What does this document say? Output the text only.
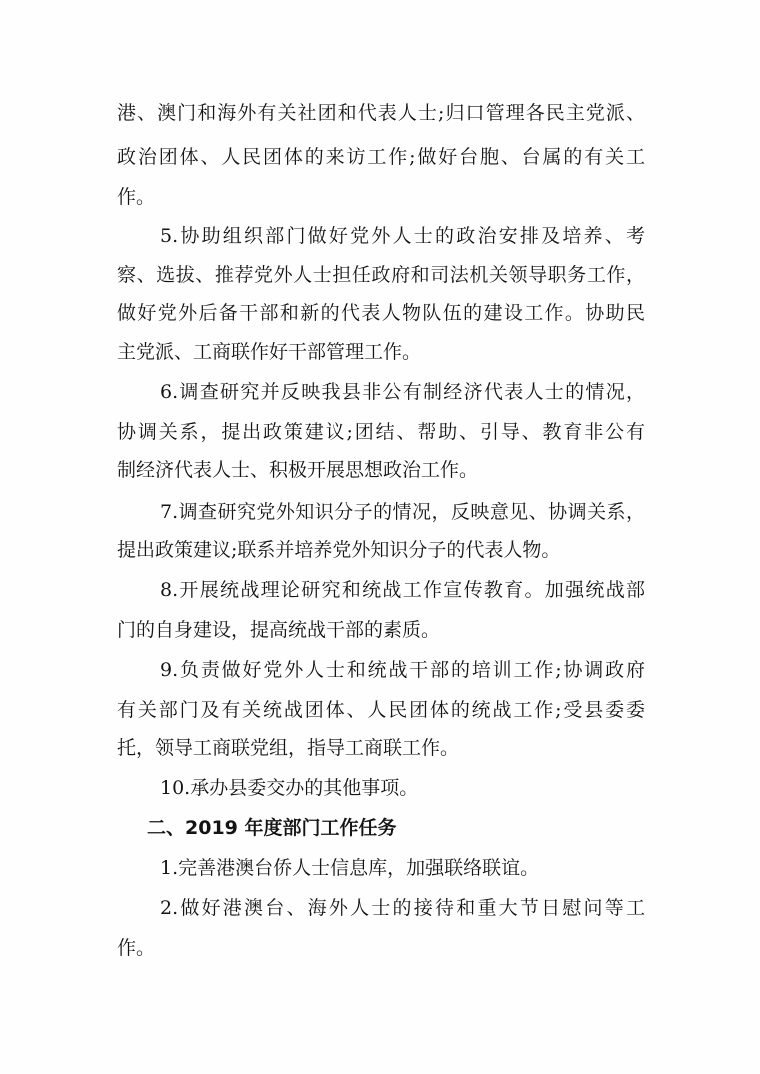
港、澳门和海外有关社团和代表人士;归口管理各民主党派、
政治团体、人民团体的来访工作;做好台胞、台属的有关工
作。
5.协助组织部门做好党外人士的政治安排及培养、考
察、选拔、推荐党外人士担任政府和司法机关领导职务工作，
做好党外后备干部和新的代表人物队伍的建设工作。协助民
主党派、工商联作好干部管理工作。
6.调查研究并反映我县非公有制经济代表人士的情况，
协调关系，提出政策建议;团结、帮助、引导、教育非公有
制经济代表人士、积极开展思想政治工作。
7.调查研究党外知识分子的情况，反映意见、协调关系，
提出政策建议;联系并培养党外知识分子的代表人物。
8.开展统战理论研究和统战工作宣传教育。加强统战部
门的自身建设，提高统战干部的素质。
9.负责做好党外人士和统战干部的培训工作;协调政府
有关部门及有关统战团体、人民团体的统战工作;受县委委
托，领导工商联党组，指导工商联工作。
10.承办县委交办的其他事项。
二、2019 年度部门工作任务
1.完善港澳台侨人士信息库，加强联络联谊。
2.做好港澳台、海外人士的接待和重大节日慰问等工
作。
